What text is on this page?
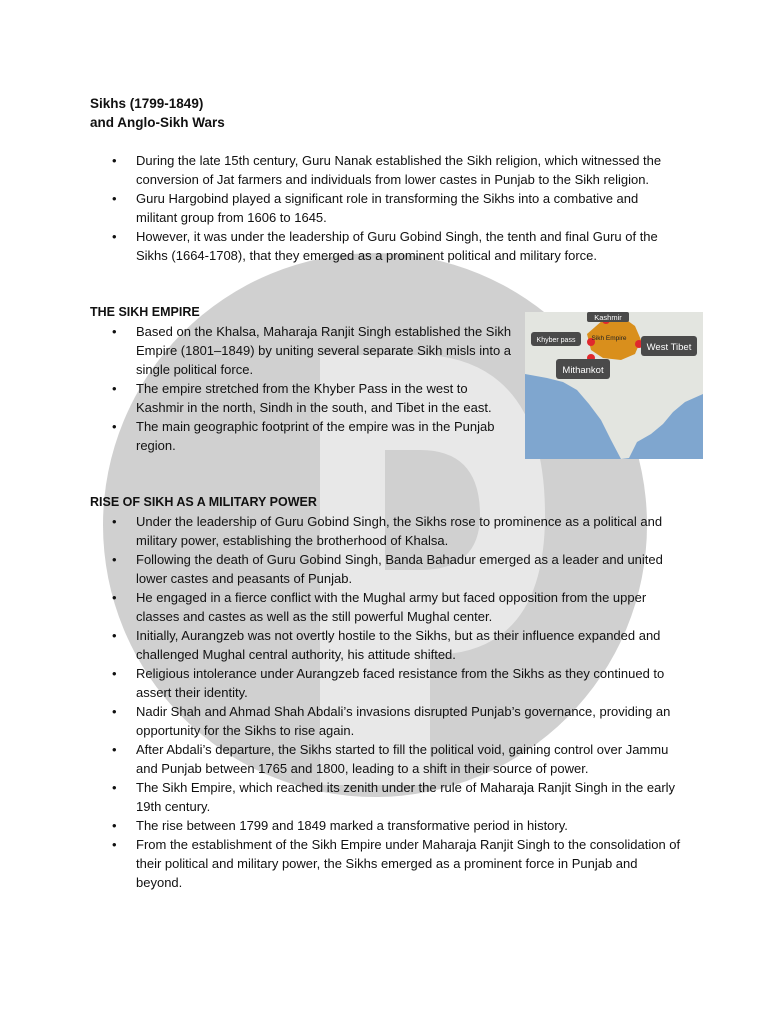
Sikhs (1799-1849)
and Anglo-Sikh Wars
• During the late 15th century, Guru Nanak established the Sikh religion, which witnessed the conversion of Jat farmers and individuals from lower castes in Punjab to the Sikh religion.
• Guru Hargobind played a significant role in transforming the Sikhs into a combative and militant group from 1606 to 1645.
• However, it was under the leadership of Guru Gobind Singh, the tenth and final Guru of the Sikhs (1664-1708), that they emerged as a prominent political and military force.
THE SIKH EMPIRE
• Based on the Khalsa, Maharaja Ranjit Singh established the Sikh Empire (1801–1849) by uniting several separate Sikh misls into a single political force.
• The empire stretched from the Khyber Pass in the west to Kashmir in the north, Sindh in the south, and Tibet in the east.
• The main geographic footprint of the empire was in the Punjab region.
Kashmir
Khyber pass Sikh Empire
West Tibet
Mithankot
RISE OF SIKH AS A MILITARY POWER
• Under the leadership of Guru Gobind Singh, the Sikhs rose to prominence as a political and military power, establishing the brotherhood of Khalsa.
• Following the death of Guru Gobind Singh, Banda Bahadur emerged as a leader and united lower castes and peasants of Punjab.
• He engaged in a fierce conflict with the Mughal army but faced opposition from the upper classes and castes as well as the still powerful Mughal center.
• Initially, Aurangzeb was not overtly hostile to the Sikhs, but as their influence expanded and challenged Mughal central authority, his attitude shifted.
• Religious intolerance under Aurangzeb faced resistance from the Sikhs as they continued to assert their identity.
• Nadir Shah and Ahmad Shah Abdali’s invasions disrupted Punjab’s governance, providing an opportunity for the Sikhs to rise again.
• After Abdali’s departure, the Sikhs started to fill the political void, gaining control over Jammu and Punjab between 1765 and 1800, leading to a shift in their source of power.
• The Sikh Empire, which reached its zenith under the rule of Maharaja Ranjit Singh in the early 19th century.
• The rise between 1799 and 1849 marked a transformative period in history.
• From the establishment of the Sikh Empire under Maharaja Ranjit Singh to the consolidation of their political and military power, the Sikhs emerged as a prominent force in Punjab and beyond.
